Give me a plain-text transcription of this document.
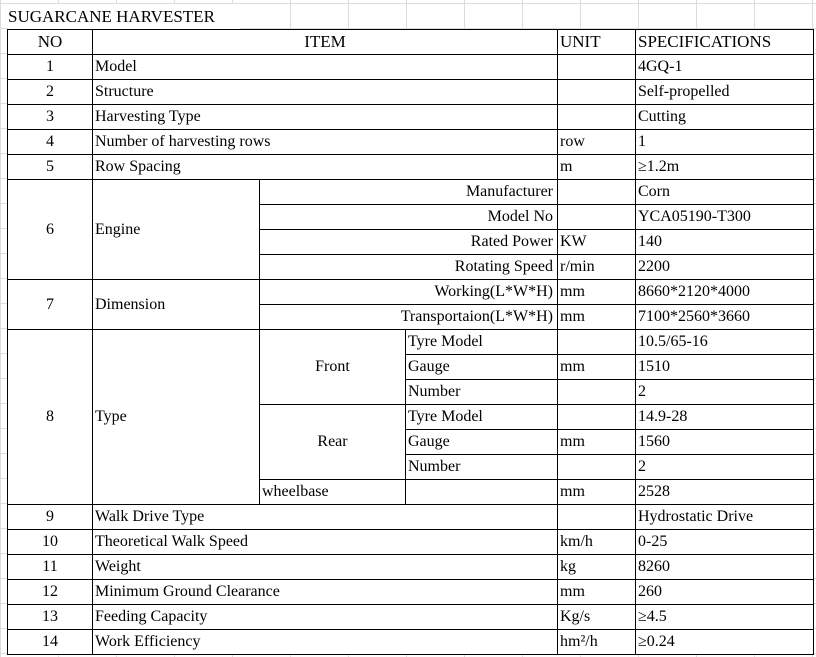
SUGARCANE HARVESTER
NO	ITEM			UNIT	SPECIFICATIONS
1	Model				4GQ-1
2	Structure				Self-propelled
3	Harvesting Type				Cutting
4	Number of harvesting rows			row	1
5	Row Spacing			m	≥1.2m
6	Engine	Manufacturer			Corn
		Model No			YCA05190-T300
		Rated Power		KW	140
		Rotating Speed		r/min	2200
7	Dimension	Working(L*W*H)		mm	8660*2120*4000
		Transportaion(L*W*H)		mm	7100*2560*3660
8	Type	Front	Tyre Model		10.5/65-16
			Gauge	mm	1510
			Number		2
		Rear	Tyre Model		14.9-28
			Gauge	mm	1560
			Number		2
		wheelbase		mm	2528
9	Walk Drive Type				Hydrostatic Drive
10	Theoretical Walk Speed			km/h	0-25
11	Weight			kg	8260
12	Minimum Ground Clearance			mm	260
13	Feeding Capacity			Kg/s	≥4.5
14	Work Efficiency			hm²/h	≥0.24
